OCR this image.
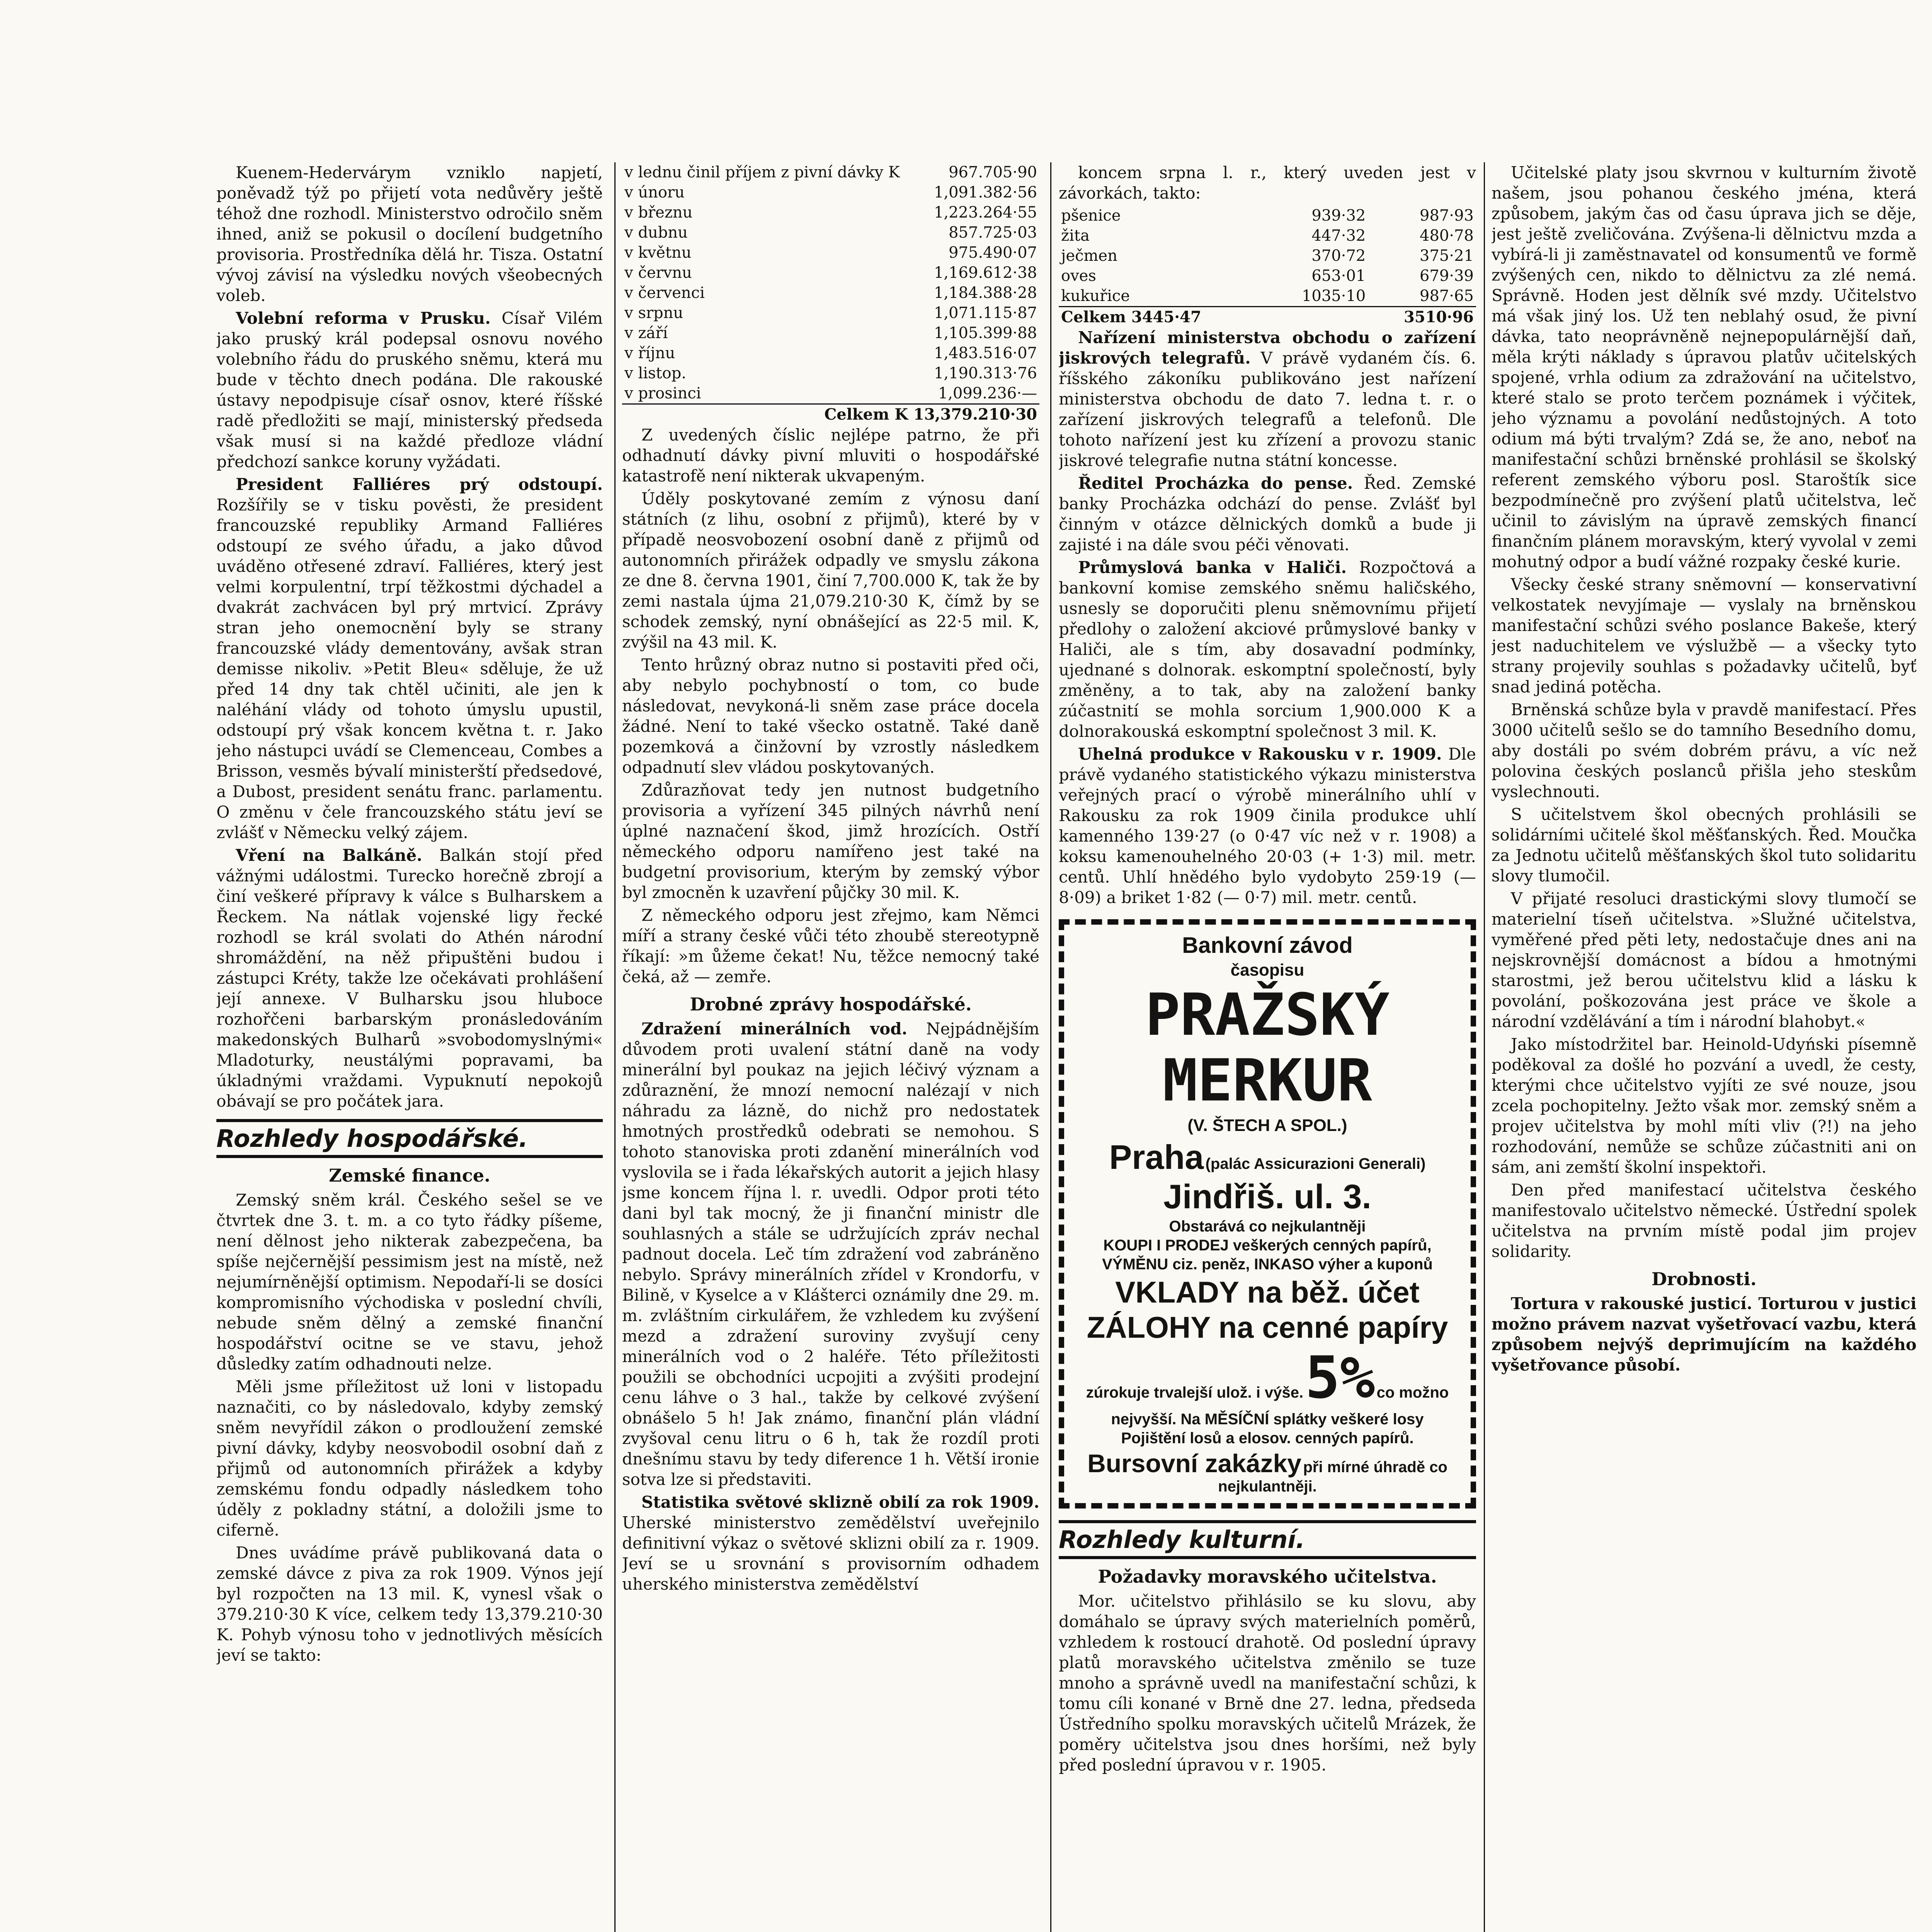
Kuenem-Hedervárym vzniklo napjetí, poněvadž týž po přijetí vota nedůvěry ještě téhož dne rozhodl. Ministerstvo odročilo sněm ihned, aniž se pokusil o docílení budgetního provisoria. Prostředníka dělá hr. Tisza. Ostatní vývoj závisí na výsledku nových všeobecných voleb.

Volební reforma v Prusku. Císař Vilém jako pruský král podepsal osnovu nového volebního řádu do pruského sněmu, která mu bude v těchto dnech podána. Dle rakouské ústavy nepodpisuje císař osnov, které říšské radě předložiti se mají, ministerský předseda však musí si na každé předloze vládní předchozí sankce koruny vyžádati.

President Falliéres prý odstoupí. Rozšířily se v tisku pověsti, že president francouzské republiky Armand Falliéres odstoupí ze svého úřadu, a jako důvod uváděno otřesené zdraví. Falliéres, který jest velmi korpulentní, trpí těžkostmi dýchadel a dvakrát zachvácen byl prý mrtvicí. Zprávy stran jeho onemocnění byly se strany francouzské vlády dementovány, avšak stran demisse nikoliv. »Petit Bleu« sděluje, že už před 14 dny tak chtěl učiniti, ale jen k naléhání vlády od tohoto úmyslu upustil, odstoupí prý však koncem května t. r. Jako jeho nástupci uvádí se Clemenceau, Combes a Brisson, vesměs bývalí ministerští předsedové, a Dubost, president senátu franc. parlamentu. O změnu v čele francouzského státu jeví se zvlášť v Německu velký zájem.

Vření na Balkáně. Balkán stojí před vážnými událostmi. Turecko horečně zbrojí a činí veškeré přípravy k válce s Bulharskem a Řeckem. Na nátlak vojenské ligy řecké rozhodl se král svolati do Athén národní shromáždění, na něž připuštěni budou i zástupci Kréty, takže lze očekávati prohlášení její annexe. V Bulharsku jsou hluboce rozhořčeni barbarským pronásledováním makedonských Bulharů »svobodomyslnými« Mladoturky, neustálými popravami, ba úkladnými vraždami. Vypuknutí nepokojů obávají se pro počátek jara.

Rozhledy hospodářské.
Zemské finance.

Zemský sněm král. Českého sešel se ve čtvrtek dne 3. t. m. a co tyto řádky píšeme, není dělnost jeho nikterak zabezpečena, ba spíše nejčernější pessimism jest na místě, než nejumírněnější optimism. Nepodaří-li se dosíci kompromisního východiska v poslední chvíli, nebude sněm dělný a zemské finanční hospodářství ocitne se ve stavu, jehož důsledky zatím odhadnouti nelze.

Měli jsme příležitost už loni v listopadu naznačiti, co by následovalo, kdyby zemský sněm nevyřídil zákon o prodloužení zemské pivní dávky, kdyby neosvobodil osobní daň z přijmů od autonomních přirážek a kdyby zemskému fondu odpadly následkem toho úděly z pokladny státní, a doložili jsme to ciferně.

Dnes uvádíme právě publikovaná data o zemské dávce z piva za rok 1909. Výnos její byl rozpočten na 13 mil. K, vynesl však o 379.210·30 K více, celkem tedy 13,379.210·30 K. Pohyb výnosu toho v jednotlivých měsících jeví se takto:

v lednu činil příjem z pivní dávky K	967.705·90
v únoru	1,091.382·56
v březnu	1,223.264·55
v dubnu	857.725·03
v květnu	975.490·07
v červnu	1,169.612·38
v červenci	1,184.388·28
v srpnu	1,071.115·87
v září	1,105.399·88
v říjnu	1,483.516·07
v listop.	1,190.313·76
v prosinci	1,099.236·—
Celkem K 13,379.210·30	

Z uvedených číslic nejlépe patrno, že při odhadnutí dávky pivní mluviti o hospodářské katastrofě není nikterak ukvapeným.

Úděly poskytované zemím z výnosu daní státních (z lihu, osobní z přijmů), které by v případě neosvobození osobní daně z přijmů od autonomních přirážek odpadly ve smyslu zákona ze dne 8. června 1901, činí 7,700.000 K, tak že by zemi nastala újma 21,079.210·30 K, čímž by se schodek zemský, nyní obnášející as 22·5 mil. K, zvýšil na 43 mil. K.

Tento hrůzný obraz nutno si postaviti před oči, aby nebylo pochybností o tom, co bude následovat, nevykoná-li sněm zase práce docela žádné. Není to také všecko ostatně. Také daně pozemková a činžovní by vzrostly následkem odpadnutí slev vládou poskytovaných.

Zdůrazňovat tedy jen nutnost budgetního provisoria a vyřízení 345 pilných návrhů není úplné naznačení škod, jimž hrozících. Ostří německého odporu namířeno jest také na budgetní provisorium, kterým by zemský výbor byl zmocněn k uzavření půjčky 30 mil. K.

Z německého odporu jest zřejmo, kam Němci míří a strany české vůči této zhoubě stereotypně říkají: »m ůžeme čekat! Nu, těžce nemocný také čeká, až — zemře.

Drobné zprávy hospodářské.

Zdražení minerálních vod. Nejpádnějším důvodem proti uvalení státní daně na vody minerální byl poukaz na jejich léčivý význam a zdůraznění, že mnozí nemocní nalézají v nich náhradu za lázně, do nichž pro nedostatek hmotných prostředků odebrati se nemohou. S tohoto stanoviska proti zdanění minerálních vod vyslovila se i řada lékařských autorit a jejich hlasy jsme koncem října l. r. uvedli. Odpor proti této dani byl tak mocný, že ji finanční ministr dle souhlasných a stále se udržujících zpráv nechal padnout docela. Leč tím zdražení vod zabráněno nebylo. Správy minerálních zřídel v Krondorfu, v Bilině, v Kyselce a v Klášterci oznámily dne 29. m. m. zvláštním cirkulářem, že vzhledem ku zvýšení mezd a zdražení suroviny zvyšují ceny minerálních vod o 2 haléře. Této příležitosti použili se obchodníci ucpojiti a zvýšiti prodejní cenu láhve o 3 hal., takže by celkové zvýšení obnášelo 5 h! Jak známo, finanční plán vládní zvyšoval cenu litru o 6 h, tak že rozdíl proti dnešnímu stavu by tedy diference 1 h. Větší ironie sotva lze si představiti.

Statistika světové sklizně obilí za rok 1909. Uherské ministerstvo zemědělství uveřejnilo definitivní výkaz o světové sklizni obilí za r. 1909. Jeví se u srovnání s provisorním odhadem uherského ministerstva zemědělství

koncem srpna l. r., který uveden jest v závorkách, takto:

pšenice	939·32	987·93
žita	447·32	480·78
ječmen	370·72	375·21
oves	653·01	679·39
kukuřice	1035·10	987·65
Celkem 3445·47		3510·96

Nařízení ministerstva obchodu o zařízení jiskrových telegrafů. V právě vydaném čís. 6. říšského zákoníku publikováno jest nařízení ministerstva obchodu de dato 7. ledna t. r. o zařízení jiskrových telegrafů a telefonů. Dle tohoto nařízení jest ku zřízení a provozu stanic jiskrové telegrafie nutna státní koncesse.

Ředitel Procházka do pense. Řed. Zemské banky Procházka odchází do pense. Zvlášť byl činným v otázce dělnických domků a bude ji zajisté i na dále svou péči věnovati.

Průmyslová banka v Haliči. Rozpočtová a bankovní komise zemského sněmu haličského, usnesly se doporučiti plenu sněmovnímu přijetí předlohy o založení akciové průmyslové banky v Haliči, ale s tím, aby dosavadní podmínky, ujednané s dolnorak. eskomptní společností, byly změněny, a to tak, aby na založení banky zúčastnití se mohla sorcium 1,900.000 K a dolnorakouská eskomptní společnost 3 mil. K.

Uhelná produkce v Rakousku v r. 1909. Dle právě vydaného statistického výkazu ministerstva veřejných prací o výrobě minerálního uhlí v Rakousku za rok 1909 činila produkce uhlí kamenného 139·27 (o 0·47 víc než v r. 1908) a koksu kamenouhelného 20·03 (+ 1·3) mil. metr. centů. Uhlí hnědého bylo vydobyto 259·19 (— 8·09) a briket 1·82 (— 0·7) mil. metr. centů.

Bankovní závod
časopisu
PRAŽSKÝ MERKUR
(V. ŠTECH A SPOL.)
Praha (palác Assicurazioni Generali) Jindřiš. ul. 3.
Obstarává co nejkulantněji
KOUPI I PRODEJ veškerých cenných papírů,
VÝMĚNU ciz. peněz, INKASO výher a kuponů
VKLADY na běž. účet ZÁLOHY na cenné papíry
zúrokuje trvalejší ulož. i výše. 5% co možno nejvyšší. Na MĚSÍČNÍ splátky veškeré losy
Pojištění losů a elosov. cenných papírů.
Bursovní zakázky při mírné úhradě co nejkulantněji.
Rozhledy kulturní.
Požadavky moravského učitelstva.

Mor. učitelstvo přihlásilo se ku slovu, aby domáhalo se úpravy svých materielních poměrů, vzhledem k rostoucí drahotě. Od poslední úpravy platů moravského učitelstva změnilo se tuze mnoho a správně uvedl na manifestační schůzi, k tomu cíli konané v Brně dne 27. ledna, předseda Ústředního spolku moravských učitelů Mrázek, že poměry učitelstva jsou dnes horšími, než byly před poslední úpravou v r. 1905.

Učitelské platy jsou skvrnou v kulturním životě našem, jsou pohanou českého jména, která způsobem, jakým čas od času úprava jich se děje, jest ještě zveličována. Zvýšena-li dělnictvu mzda a vybírá-li ji zaměstnavatel od konsumentů ve formě zvýšených cen, nikdo to dělnictvu za zlé nemá. Správně. Hoden jest dělník své mzdy. Učitelstvo má však jiný los. Už ten neblahý osud, že pivní dávka, tato neoprávněně nejnepopulárnější daň, měla krýti náklady s úpravou platův učitelských spojené, vrhla odium za zdražování na učitelstvo, které stalo se proto terčem poznámek i výčitek, jeho významu a povolání nedůstojných. A toto odium má býti trvalým? Zdá se, že ano, neboť na manifestační schůzi brněnské prohlásil se školský referent zemského výboru posl. Staroštík sice bezpodmínečně pro zvýšení platů učitelstva, leč učinil to závislým na úpravě zemských financí finančním plánem moravským, který vyvolal v zemi mohutný odpor a budí vážné rozpaky české kurie.

Všecky české strany sněmovní — konservativní velkostatek nevyjímaje — vyslaly na brněnskou manifestační schůzi svého poslance Bakeše, který jest naduchitelem ve výslužbě — a všecky tyto strany projevily souhlas s požadavky učitelů, byť snad jediná potěcha.

Brněnská schůze byla v pravdě manifestací. Přes 3000 učitelů sešlo se do tamního Besedního domu, aby dostáli po svém dobrém právu, a víc než polovina českých poslanců přišla jeho steskům vyslechnouti.

S učitelstvem škol obecných prohlásili se solidárními učitelé škol měšťanských. Řed. Moučka za Jednotu učitelů měšťanských škol tuto solidaritu slovy tlumočil.

V přijaté resoluci drastickými slovy tlumočí se materielní tíseň učitelstva. »Služné učitelstva, vyměřené před pěti lety, nedostačuje dnes ani na nejskrovnější domácnost a bídou a hmotnými starostmi, jež berou učitelstvu klid a lásku k povolání, poškozována jest práce ve škole a národní vzdělávání a tím i národní blahobyt.«

Jako místodržitel bar. Heinold-Udyński písemně poděkoval za došlé ho pozvání a uvedl, že cesty, kterými chce učitelstvo vyjíti ze své nouze, jsou zcela pochopitelny. Ježto však mor. zemský sněm a projev učitelstva by mohl míti vliv (?!) na jeho rozhodování, nemůže se schůze zúčastniti ani on sám, ani zemští školní inspektoři.

Den před manifestací učitelstva českého manifestovalo učitelstvo německé. Ústřední spolek učitelstva na prvním místě podal jim projev solidarity.

Drobnosti.

Tortura v rakouské justicí. Torturou v justici možno právem nazvat vyšetřovací vazbu, která způsobem nejvýš deprimujícím na každého vyšetřovance působí.
